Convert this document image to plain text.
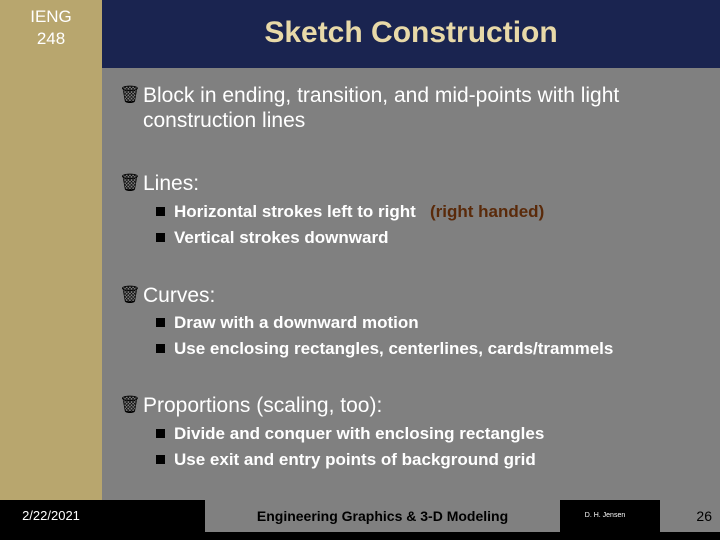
IENG
248	Sketch Construction
🗑 Block in ending, transition, and mid-points with light construction lines
🗑 Lines:
Horizontal strokes left to right (right handed)
Vertical strokes downward
🗑 Curves:
Draw with a downward motion
Use enclosing rectangles, centerlines, cards/trammels
🗑 Proportions (scaling, too):
Divide and conquer with enclosing rectangles
Use exit and entry points of background grid
2/22/2021	Engineering Graphics & 3-D Modeling	D. H. Jensen	26
